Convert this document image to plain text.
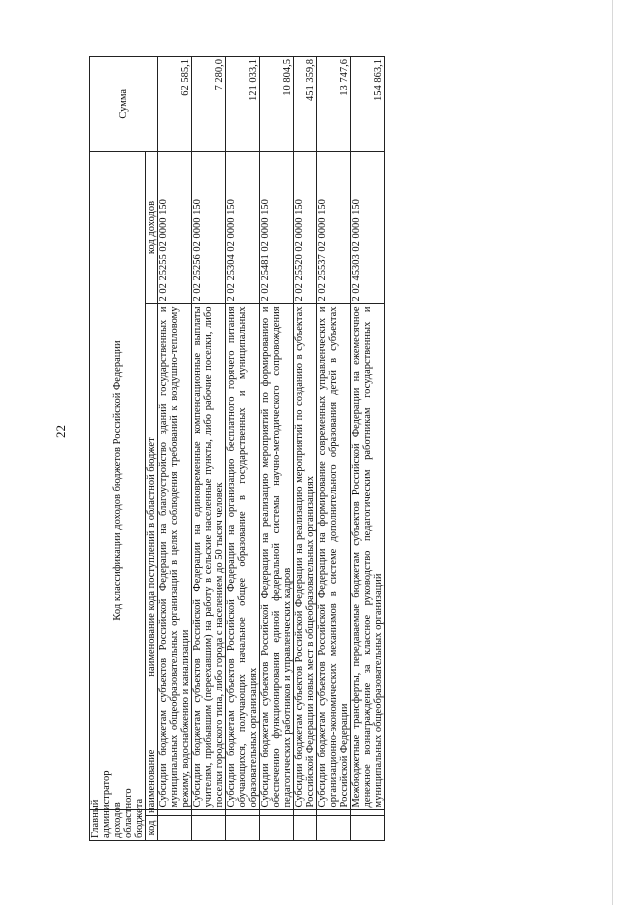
22
Главный администратор доходов областного бюджета		Код классификации доходов бюджетов Российской Федерации		Сумма
код	наименование	наименование кода поступлений в областной бюджет	код доходов	
		Субсидии бюджетам субъектов Российской Федерации на благоустройство зданий государственных и муниципальных общеобразовательных организаций в целях соблюдения требований к воздушно-тепловому режиму, водоснабжению и канализации	2 02 25255 02 0000 150	62 585,1
		Субсидии бюджетам субъектов Российской Федерации на единовременные компенсационные выплаты учителям, прибывшим (переехавшим) на работу в сельские населенные пункты, либо рабочие поселки, либо поселки городского типа, либо города с населением до 50 тысяч человек	2 02 25256 02 0000 150	7 280,0
		Субсидии бюджетам субъектов Российской Федерации на организацию бесплатного горячего питания обучающихся, получающих начальное общее образование в государственных и муниципальных образовательных организациях	2 02 25304 02 0000 150	121 033,1
		Субсидии бюджетам субъектов Российской Федерации на реализацию мероприятий по формированию и обеспечению функционирования единой федеральной системы научно-методического сопровождения педагогических работников и управленческих кадров	2 02 25481 02 0000 150	10 804,5
		Субсидии бюджетам субъектов Российской Федерации на реализацию мероприятий по созданию в субъектах Российской Федерации новых мест в общеобразовательных организациях	2 02 25520 02 0000 150	451 359,8
		Субсидии бюджетам субъектов Российской Федерации на формирование современных управленческих и организационно-экономических механизмов в системе дополнительного образования детей в субъектах Российской Федерации	2 02 25537 02 0000 150	13 747,6
		Межбюджетные трансферты, передаваемые бюджетам субъектов Российской Федерации на ежемесячное денежное вознаграждение за классное руководство педагогическим работникам государственных и муниципальных общеобразовательных организаций	2 02 45303 02 0000 150	154 863,1
